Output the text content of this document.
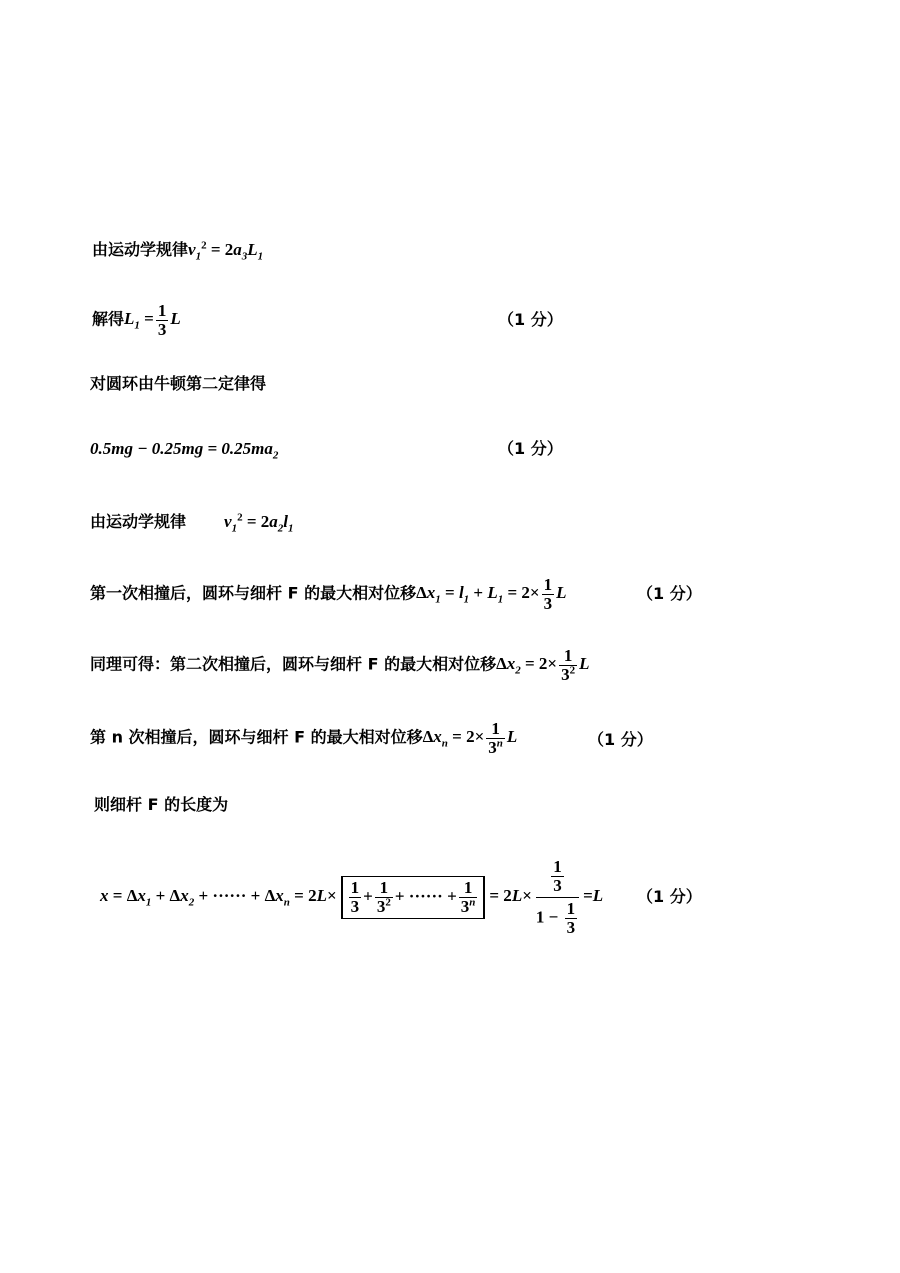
由运动学规律$v_1^2 = 2a_3L_1$
解得$L_1 = \frac{1}{3}$ L	（1 分）
对圆环由牛顿第二定律得
$0.5mg - 0.25mg = 0.25ma_2$	（1 分）
由运动学规律 $v_1^2 = 2a_2l_1$
第一次相撞后，圆环与细杆 F 的最大相对位移$\Delta x_1 = l_1 + L_1 = 2\times \frac{1}{3}$ L	（1 分）
同理可得：第二次相撞后，圆环与细杆 F 的最大相对位移$\Delta x_2 = 2\times \frac{1}{3^2}$ L
第 n 次相撞后，圆环与细杆 F 的最大相对位移$\Delta x_n = 2\times \frac{1}{3^n}$ L	（1 分）
则细杆 F 的长度为
$x = \Delta x_1 + \Delta x_2$ + ······ + $\Delta x_n = 2L\times \frac{1}{3} + \frac{1}{3^2}$ + ······ + $\frac{1}{3^n} = 2L\times \frac{\frac{1}{3}}{1 - \frac{1}{3}} =L$ （1 分）
